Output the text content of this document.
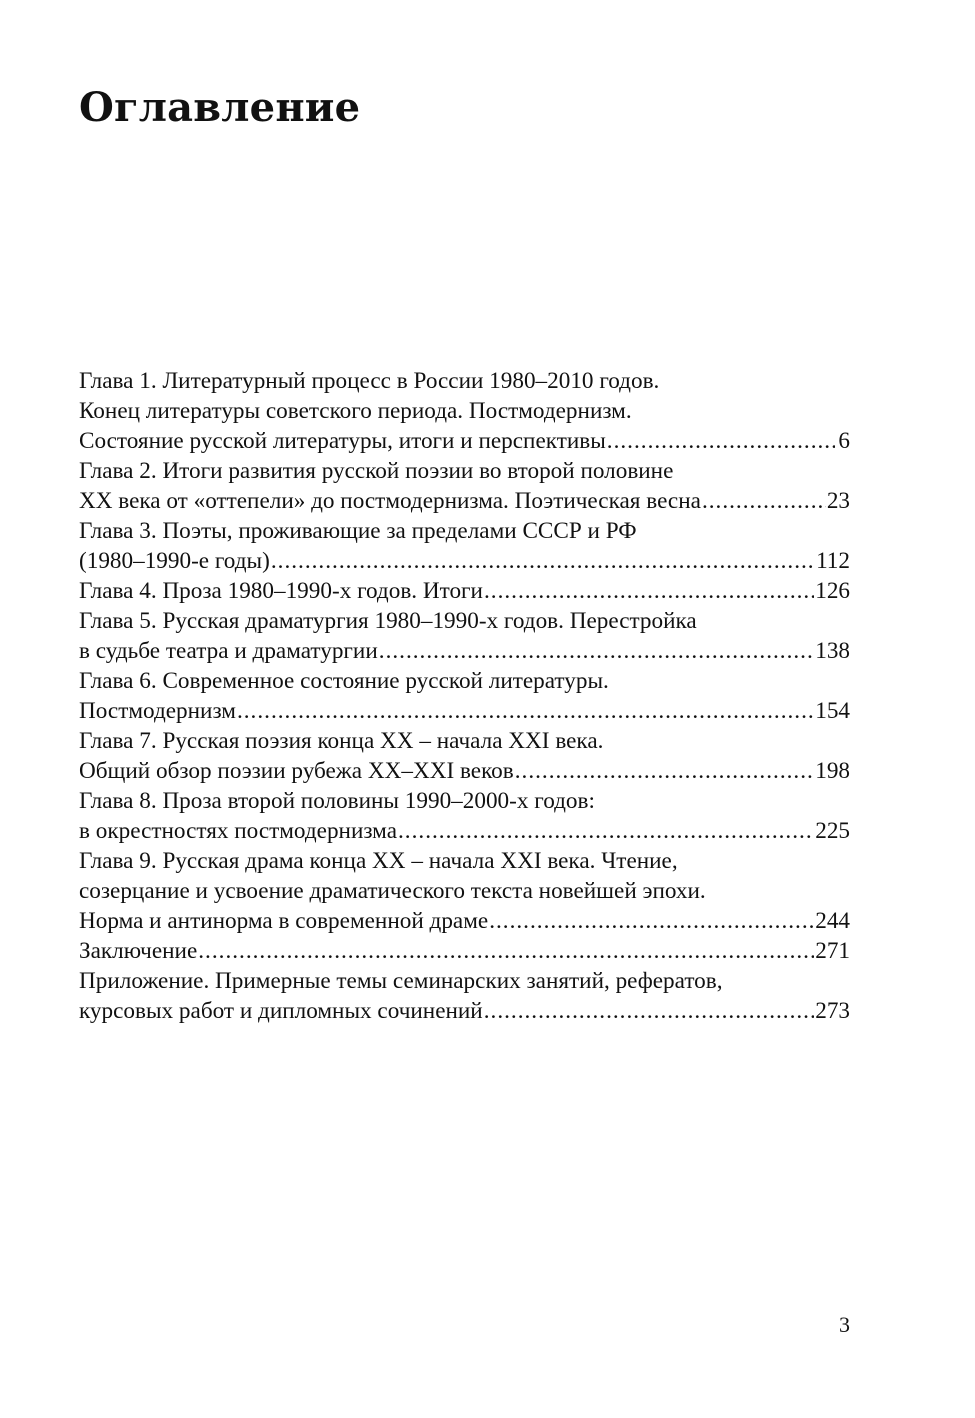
Оглавление
Глава 1. Литературный процесс в России 1980–2010 годов.
Конец литературы советского периода. Постмодернизм.
Состояние русской литературы, итоги и перспективы .....	6
Глава 2. Итоги развития русской поэзии во второй половине
XX века от «оттепели» до постмодернизма. Поэтическая весна .....	23
Глава 3. Поэты, проживающие за пределами СССР и РФ
(1980–1990-е годы) .....	112
Глава 4. Проза 1980–1990-х годов. Итоги .....	126
Глава 5. Русская драматургия 1980–1990-х годов. Перестройка
в судьбе театра и драматургии .....	138
Глава 6. Современное состояние русской литературы.
Постмодернизм .....	154
Глава 7. Русская поэзия конца XX – начала XXI века.
Общий обзор поэзии рубежа XX–XXI веков .....	198
Глава 8. Проза второй половины 1990–2000-х годов:
в окрестностях постмодернизма .....	225
Глава 9. Русская драма конца XX – начала XXI века. Чтение,
созерцание и усвоение драматического текста новейшей эпохи.
Норма и антинорма в современной драме .....	244
Заключение .....	271
Приложение. Примерные темы семинарских занятий, рефератов,
курсовых работ и дипломных сочинений .....	273
3
